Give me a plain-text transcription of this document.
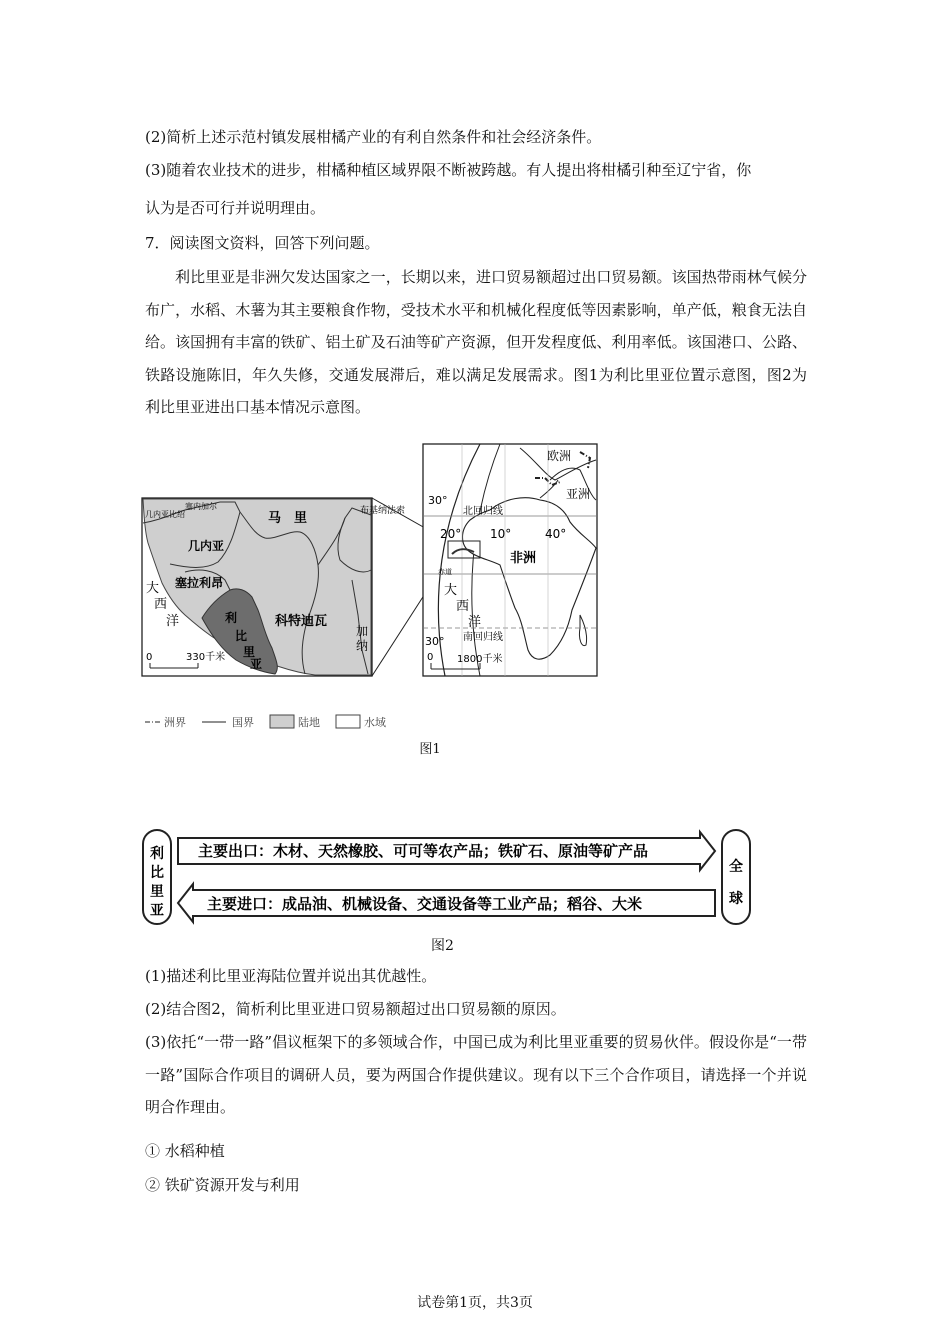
(2)简析上述示范村镇发展柑橘产业的有利自然条件和社会经济条件。
(3)随着农业技术的进步，柑橘种植区域界限不断被跨越。有人提出将柑橘引种至辽宁省，你
认为是否可行并说明理由。
7．阅读图文资料，回答下列问题。
利比里亚是非洲欠发达国家之一，长期以来，进口贸易额超过出口贸易额。该国热带雨林气候分布广，水稻、木薯为其主要粮食作物，受技术水平和机械化程度低等因素影响，单产低，粮食无法自给。该国拥有丰富的铁矿、铝土矿及石油等矿产资源，但开发程度低、利用率低。该国港口、公路、铁路设施陈旧，年久失修，交通发展滞后，难以满足发展需求。图1为利比里亚位置示意图，图2为利比里亚进出口基本情况示意图。
马　里
几内亚
几内亚比绍
塞内加尔	布基纳法索
塞拉利昂
大
西
洋	利
比
里
亚
科特迪瓦
加
纳
0	330千米
欧洲
亚洲
非洲
北回归线
南回归线
赤道
30°
30°
20° 10°	40°
大
西
洋
0 1800千米
洲界	国界	陆地	水域
图1
利
比
里
亚
主要出口：木材、天然橡胶、可可等农产品；铁矿石、原油等矿产品
主要进口：成品油、机械设备、交通设备等工业产品；稻谷、大米
全
球
图2
(1)描述利比里亚海陆位置并说出其优越性。
(2)结合图2，简析利比里亚进口贸易额超过出口贸易额的原因。
(3)依托“一带一路”倡议框架下的多领域合作，中国已成为利比里亚重要的贸易伙伴。假设你是“一带一路”国际合作项目的调研人员，要为两国合作提供建议。现有以下三个合作项目，请选择一个并说明合作理由。
① 水稻种植
② 铁矿资源开发与利用
试卷第1页，共3页
